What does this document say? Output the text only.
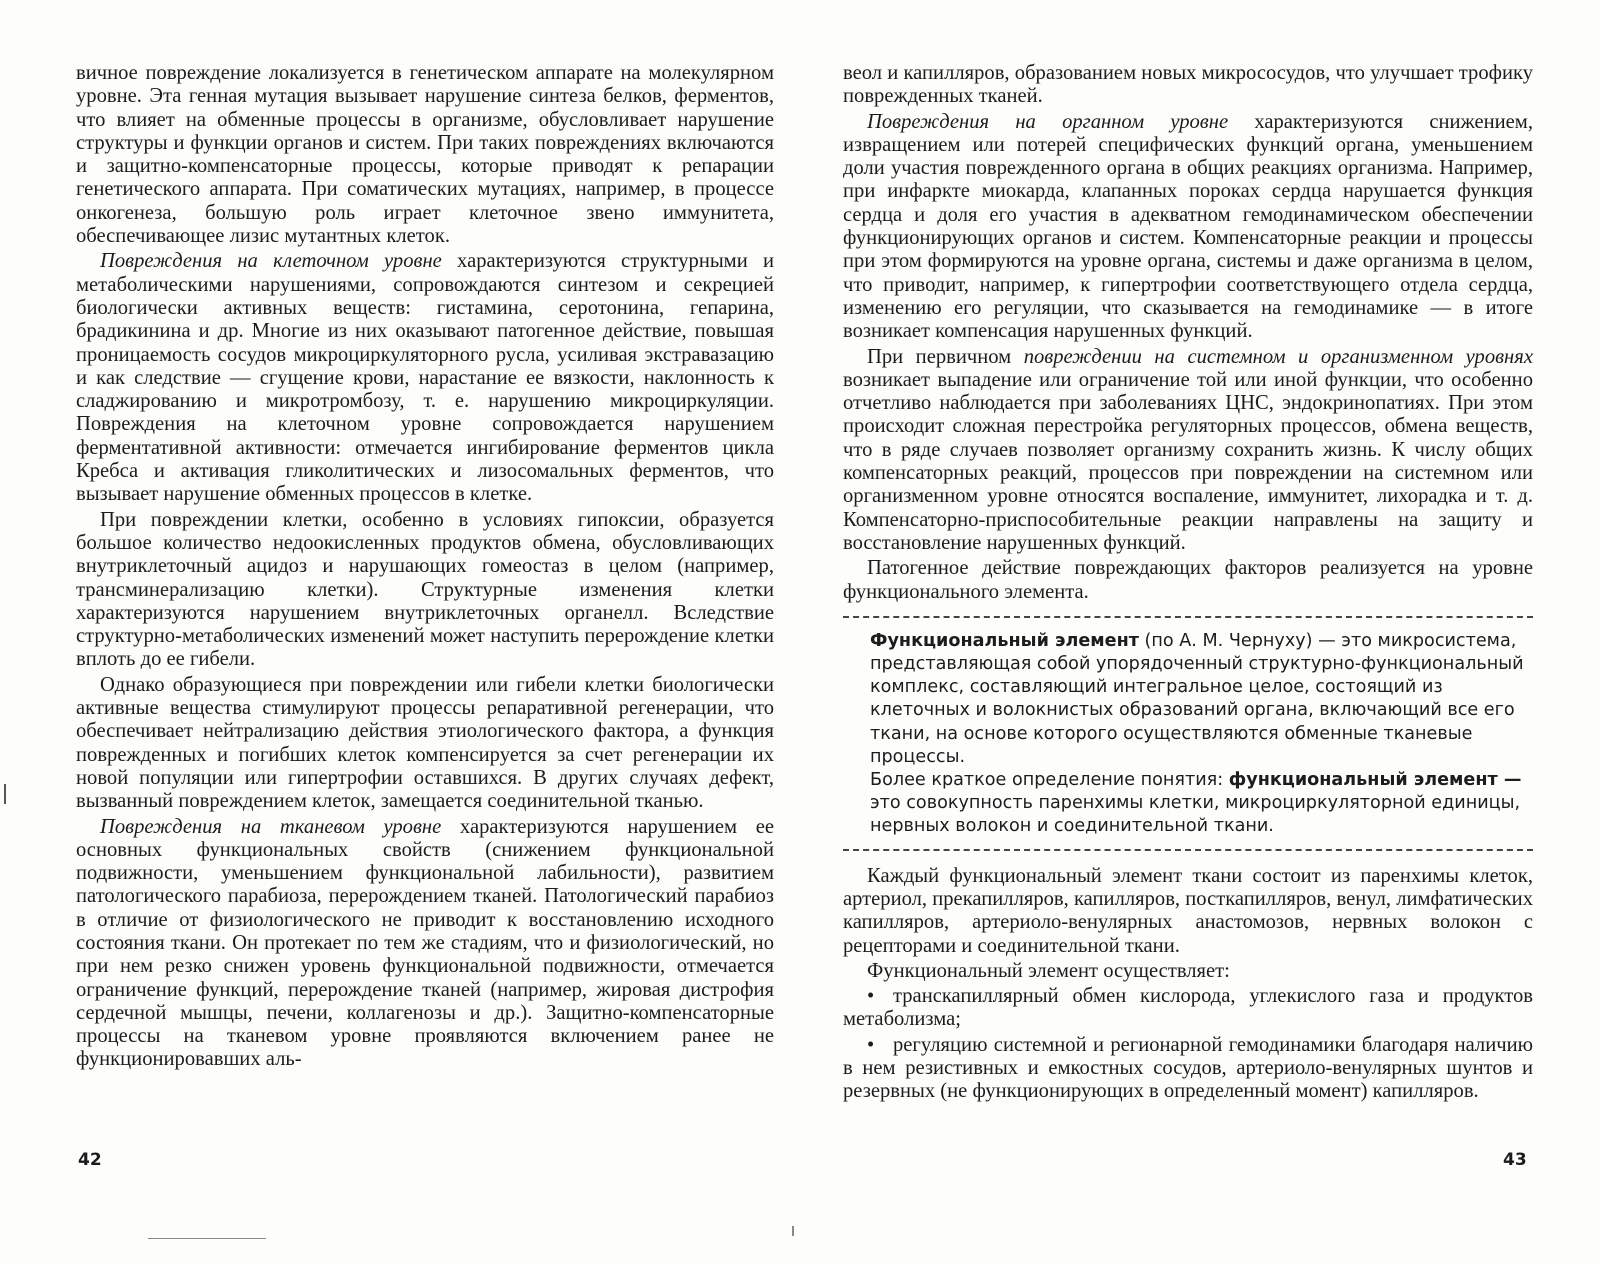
вичное повреждение локализуется в генетическом аппарате на молекулярном уровне. Эта генная мутация вызывает нарушение синтеза белков, ферментов, что влияет на обменные процессы в организме, обусловливает нарушение структуры и функции органов и систем. При таких повреждениях включаются и защитно-компенсаторные процессы, которые приводят к репарации генетического аппарата. При соматических мутациях, например, в процессе онкогенеза, большую роль играет клеточное звено иммунитета, обеспечивающее лизис мутантных клеток.

Повреждения на клеточном уровне характеризуются структурными и метаболическими нарушениями, сопровождаются синтезом и секрецией биологически активных веществ: гистамина, серотонина, гепарина, брадикинина и др. Многие из них оказывают патогенное действие, повышая проницаемость сосудов микроциркуляторного русла, усиливая экстравазацию и как следствие — сгущение крови, нарастание ее вязкости, наклонность к сладжированию и микротромбозу, т. е. нарушению микроциркуляции. Повреждения на клеточном уровне сопровождается нарушением ферментативной активности: отмечается ингибирование ферментов цикла Кребса и активация гликолитических и лизосомальных ферментов, что вызывает нарушение обменных процессов в клетке.

При повреждении клетки, особенно в условиях гипоксии, образуется большое количество недоокисленных продуктов обмена, обусловливающих внутриклеточный ацидоз и нарушающих гомеостаз в целом (например, трансминерализацию клетки). Структурные изменения клетки характеризуются нарушением внутриклеточных органелл. Вследствие структурно-метаболических изменений может наступить перерождение клетки вплоть до ее гибели.

Однако образующиеся при повреждении или гибели клетки биологически активные вещества стимулируют процессы репаративной регенерации, что обеспечивает нейтрализацию действия этиологического фактора, а функция поврежденных и погибших клеток компенсируется за счет регенерации их новой популяции или гипертрофии оставшихся. В других случаях дефект, вызванный повреждением клеток, замещается соединительной тканью.

Повреждения на тканевом уровне характеризуются нарушением ее основных функциональных свойств (снижением функциональной подвижности, уменьшением функциональной лабильности), развитием патологического парабиоза, перерождением тканей. Патологический парабиоз в отличие от физиологического не приводит к восстановлению исходного состояния ткани. Он протекает по тем же стадиям, что и физиологический, но при нем резко снижен уровень функциональной подвижности, отмечается ограничение функций, перерождение тканей (например, жировая дистрофия сердечной мышцы, печени, коллагенозы и др.). Защитно-компенсаторные процессы на тканевом уровне проявляются включением ранее не функционировавших аль-

42

веол и капилляров, образованием новых микрососудов, что улучшает трофику поврежденных тканей.

Повреждения на органном уровне характеризуются снижением, извращением или потерей специфических функций органа, уменьшением доли участия поврежденного органа в общих реакциях организма. Например, при инфаркте миокарда, клапанных пороках сердца нарушается функция сердца и доля его участия в адекватном гемодинамическом обеспечении функционирующих органов и систем. Компенсаторные реакции и процессы при этом формируются на уровне органа, системы и даже организма в целом, что приводит, например, к гипертрофии соответствующего отдела сердца, изменению его регуляции, что сказывается на гемодинамике — в итоге возникает компенсация нарушенных функций.

При первичном повреждении на системном и организменном уровнях возникает выпадение или ограничение той или иной функции, что особенно отчетливо наблюдается при заболеваниях ЦНС, эндокринопатиях. При этом происходит сложная перестройка регуляторных процессов, обмена веществ, что в ряде случаев позволяет организму сохранить жизнь. К числу общих компенсаторных реакций, процессов при повреждении на системном или организменном уровне относятся воспаление, иммунитет, лихорадка и т. д. Компенсаторно-приспособительные реакции направлены на защиту и восстановление нарушенных функций.

Патогенное действие повреждающих факторов реализуется на уровне функционального элемента.

Функциональный элемент (по А. М. Чернуху) — это микросистема, представляющая собой упорядоченный структурно-функциональный комплекс, составляющий интегральное целое, состоящий из клеточных и волокнистых образований органа, включающий все его ткани, на основе которого осуществляются обменные тканевые процессы.
Более краткое определение понятия: функциональный элемент — это совокупность паренхимы клетки, микроциркуляторной единицы, нервных волокон и соединительной ткани.

Каждый функциональный элемент ткани состоит из паренхимы клеток, артериол, прекапилляров, капилляров, посткапилляров, венул, лимфатических капилляров, артериоло-венулярных анастомозов, нервных волокон с рецепторами и соединительной ткани.

Функциональный элемент осуществляет:

• транскапиллярный обмен кислорода, углекислого газа и продуктов метаболизма;
• регуляцию системной и регионарной гемодинамики благодаря наличию в нем резистивных и емкостных сосудов, артериоло-венулярных шунтов и резервных (не функционирующих в определенный момент) капилляров.
43
